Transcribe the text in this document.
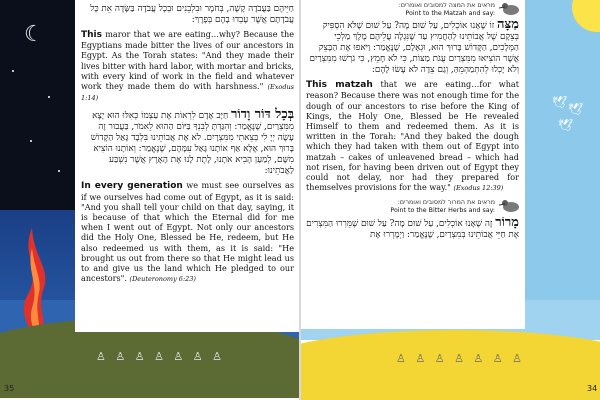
☾
♙ ♙ ♙ ♙ ♙ ♙ ♙

חַיֵּיהֶם בַּעֲבֹדָה קָשָׁה, בְּחֹמֶר וּבִלְבֵנִים וּבְכָל עֲבֹדָה בַּשָּׂדֶה אֵת כָּל עֲבֹדָתָם אֲשֶׁר עָבְדוּ בָהֶם בְּפָרֶךְ:

This maror that we are eating…why? Because the Egyptians made bitter the lives of our ancestors in Egypt. As the Torah states: "And they made their lives bitter with hard labor, with mortar and bricks, with every kind of work in the field and whatever work they made them do with harshness." (Exodus 1:14)

בְּכָל דּוֹר וָדוֹר חַיָּב אָדָם לִרְאוֹת אֶת עַצְמוֹ כְּאִלּוּ הוּא יָצָא מִמִּצְרַיִם, שֶׁנֶּאֱמַר: וְהִגַּדְתָּ לְבִנְךָ בַּיּוֹם הַהוּא לֵאמֹר, בַּעֲבוּר זֶה עָשָׂה יְיָ לִי בְּצֵאתִי מִמִּצְרָיִם. לֹא אֶת אֲבוֹתֵינוּ בִּלְבָד גָּאַל הַקָּדוֹשׁ בָּרוּךְ הוּא, אֶלָּא אַף אוֹתָנוּ גָּאַל עִמָּהֶם, שֶׁנֶּאֱמַר: וְאוֹתָנוּ הוֹצִיא מִשָּׁם, לְמַעַן הָבִיא אֹתָנוּ, לָתֶת לָנוּ אֶת הָאָרֶץ אֲשֶׁר נִשְׁבַּע לַאֲבֹתֵינוּ:

In every generation we must see ourselves as if we ourselves had come out of Egypt, as it is said: "And you shall tell your child on that day, saying, it is because of that which the Eternal did for me when I went out of Egypt. Not only our ancestors did the Holy One, Blessed be He, redeem, but He also redeemed us with them, as it is said: "He brought us out from there so that He might lead us to and give us the land which He pledged to our ancestors". (Deuteronomy 6:23)

35
🕊 🕊
🕊
♙ ♙ ♙ ♙ ♙ ♙ ♙
מראים את המצה למסובים ואומרים:
Point to the Matzah and say:

מַצָּה זוֹ שֶׁאָנוּ אוֹכְלִים, עַל שׁוּם מָה? עַל שׁוּם שֶׁלֹּא הִסְפִּיק בְּצֵקָם שֶׁל אֲבוֹתֵינוּ לְהַחֲמִיץ עַד שֶׁנִּגְלָה עֲלֵיהֶם מֶלֶךְ מַלְכֵי הַמְּלָכִים, הַקָּדוֹשׁ בָּרוּךְ הוּא, וּגְאָלָם, שֶׁנֶּאֱמַר: וַיֹּאפוּ אֶת הַבָּצֵק אֲשֶׁר הוֹצִיאוּ מִמִּצְרַיִם עֻגֹת מַצּוֹת, כִּי לֹא חָמֵץ, כִּי גֹרְשׁוּ מִמִּצְרַיִם וְלֹא יָכְלוּ לְהִתְמַהְמֵהַּ, וְגַם צֵדָה לֹא עָשׂוּ לָהֶם:

This matzah that we are eating…for what reason? Because there was not enough time for the dough of our ancestors to rise before the King of Kings, the Holy One, Blessed be He revealed Himself to them and redeemed them. As it is written in the Torah: "And they baked the dough which they had taken with them out of Egypt into matzah – cakes of unleavened bread – which had not risen, for having been driven out of Egypt they could not delay, nor had they prepared for themselves provisions for the way." (Exodus 12:39)

מראים את המרור למסובים ואומרים:
Point to the Bitter Herbs and say:

מָרוֹר זֶה שֶׁאָנוּ אוֹכְלִים, עַל שׁוּם מָה? עַל שׁוּם שֶׁמֵּרְרוּ הַמִּצְרִים אֶת חַיֵּי אֲבוֹתֵינוּ בְּמִצְרַיִם, שֶׁנֶּאֱמַר: וַיְמָרְרוּ אֶת

34
